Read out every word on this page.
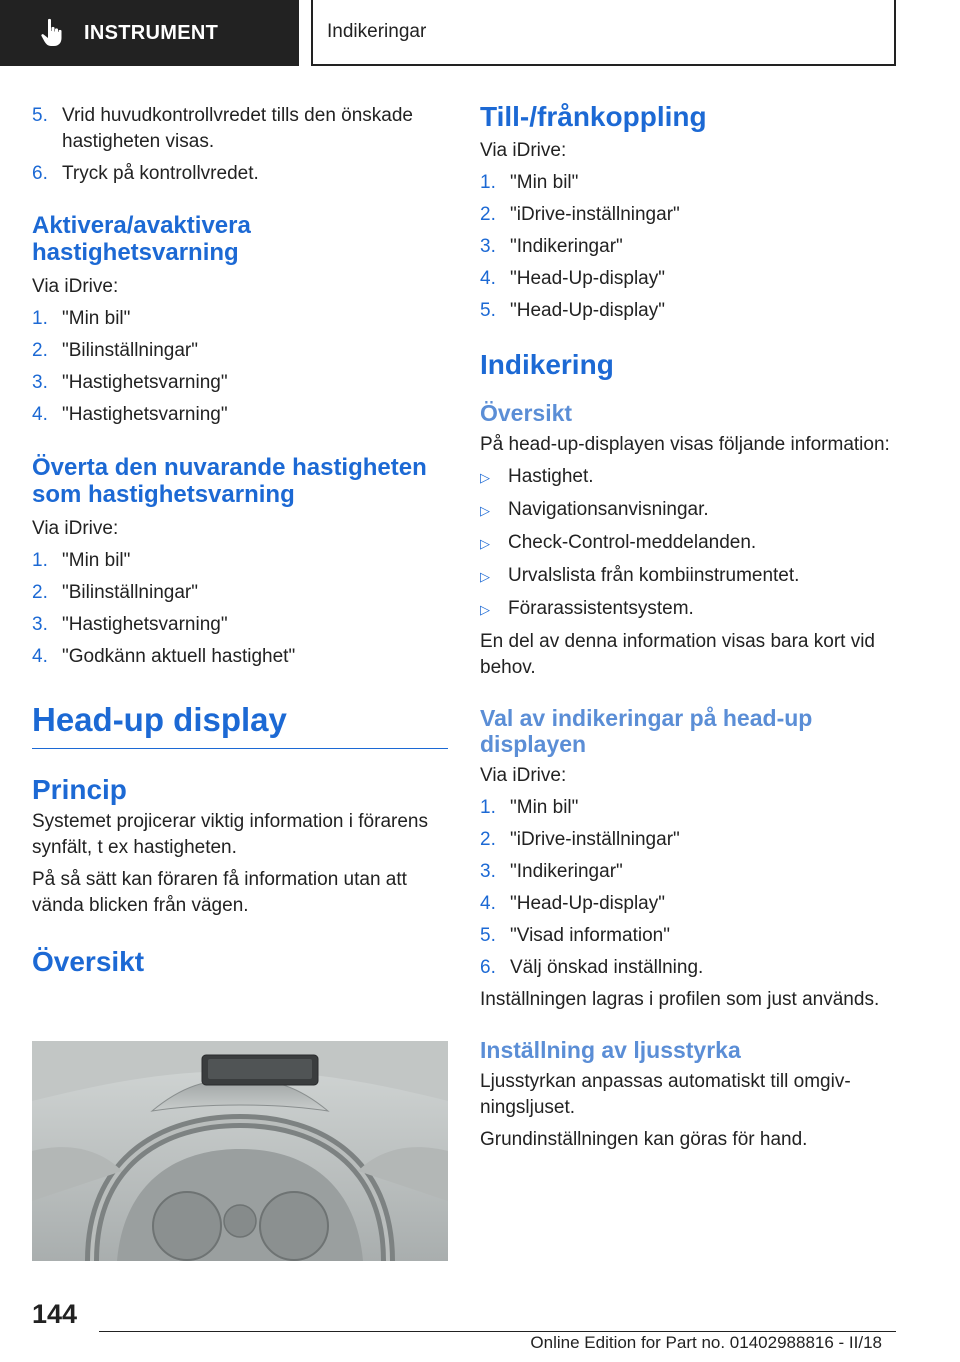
INSTRUMENT	Indikeringar
5. Vrid huvudkontrollvredet tills den önskade hastigheten visas.
6. Tryck på kontrollvredet.
Aktivera/avaktivera hastighetsvarning

Via iDrive:

1. "Min bil"
2. "Bilinställningar"
3. "Hastighetsvarning"
4. "Hastighetsvarning"
Överta den nuvarande hastigheten som hastighetsvarning

Via iDrive:

1. "Min bil"
2. "Bilinställningar"
3. "Hastighetsvarning"
4. "Godkänn aktuell hastighet"
Head-up display
Princip

Systemet projicerar viktig information i förarens synfält, t ex hastigheten.

På så sätt kan föraren få information utan att vända blicken från vägen.

Översikt
Till-/frånkoppling

Via iDrive:

1. "Min bil"
2. "iDrive-inställningar"
3. "Indikeringar"
4. "Head-Up-display"
5. "Head-Up-display"
Indikering
Översikt

På head-up-displayen visas följande information:

▷ Hastighet.
▷ Navigationsanvisningar.
▷ Check-Control-meddelanden.
▷ Urvalslista från kombiinstrumentet.
▷ Förarassistentsystem.

En del av denna information visas bara kort vid behov.

Val av indikeringar på head-up displayen

Via iDrive:

1. "Min bil"
2. "iDrive-inställningar"
3. "Indikeringar"
4. "Head-Up-display"
5. "Visad information"
6. Välj önskad inställning.

Inställningen lagras i profilen som just används.

Inställning av ljusstyrka

Ljusstyrkan anpassas automatiskt till omgivningsljuset.

Grundinställningen kan göras för hand.

144
Online Edition for Part no. 01402988816 - II/18
